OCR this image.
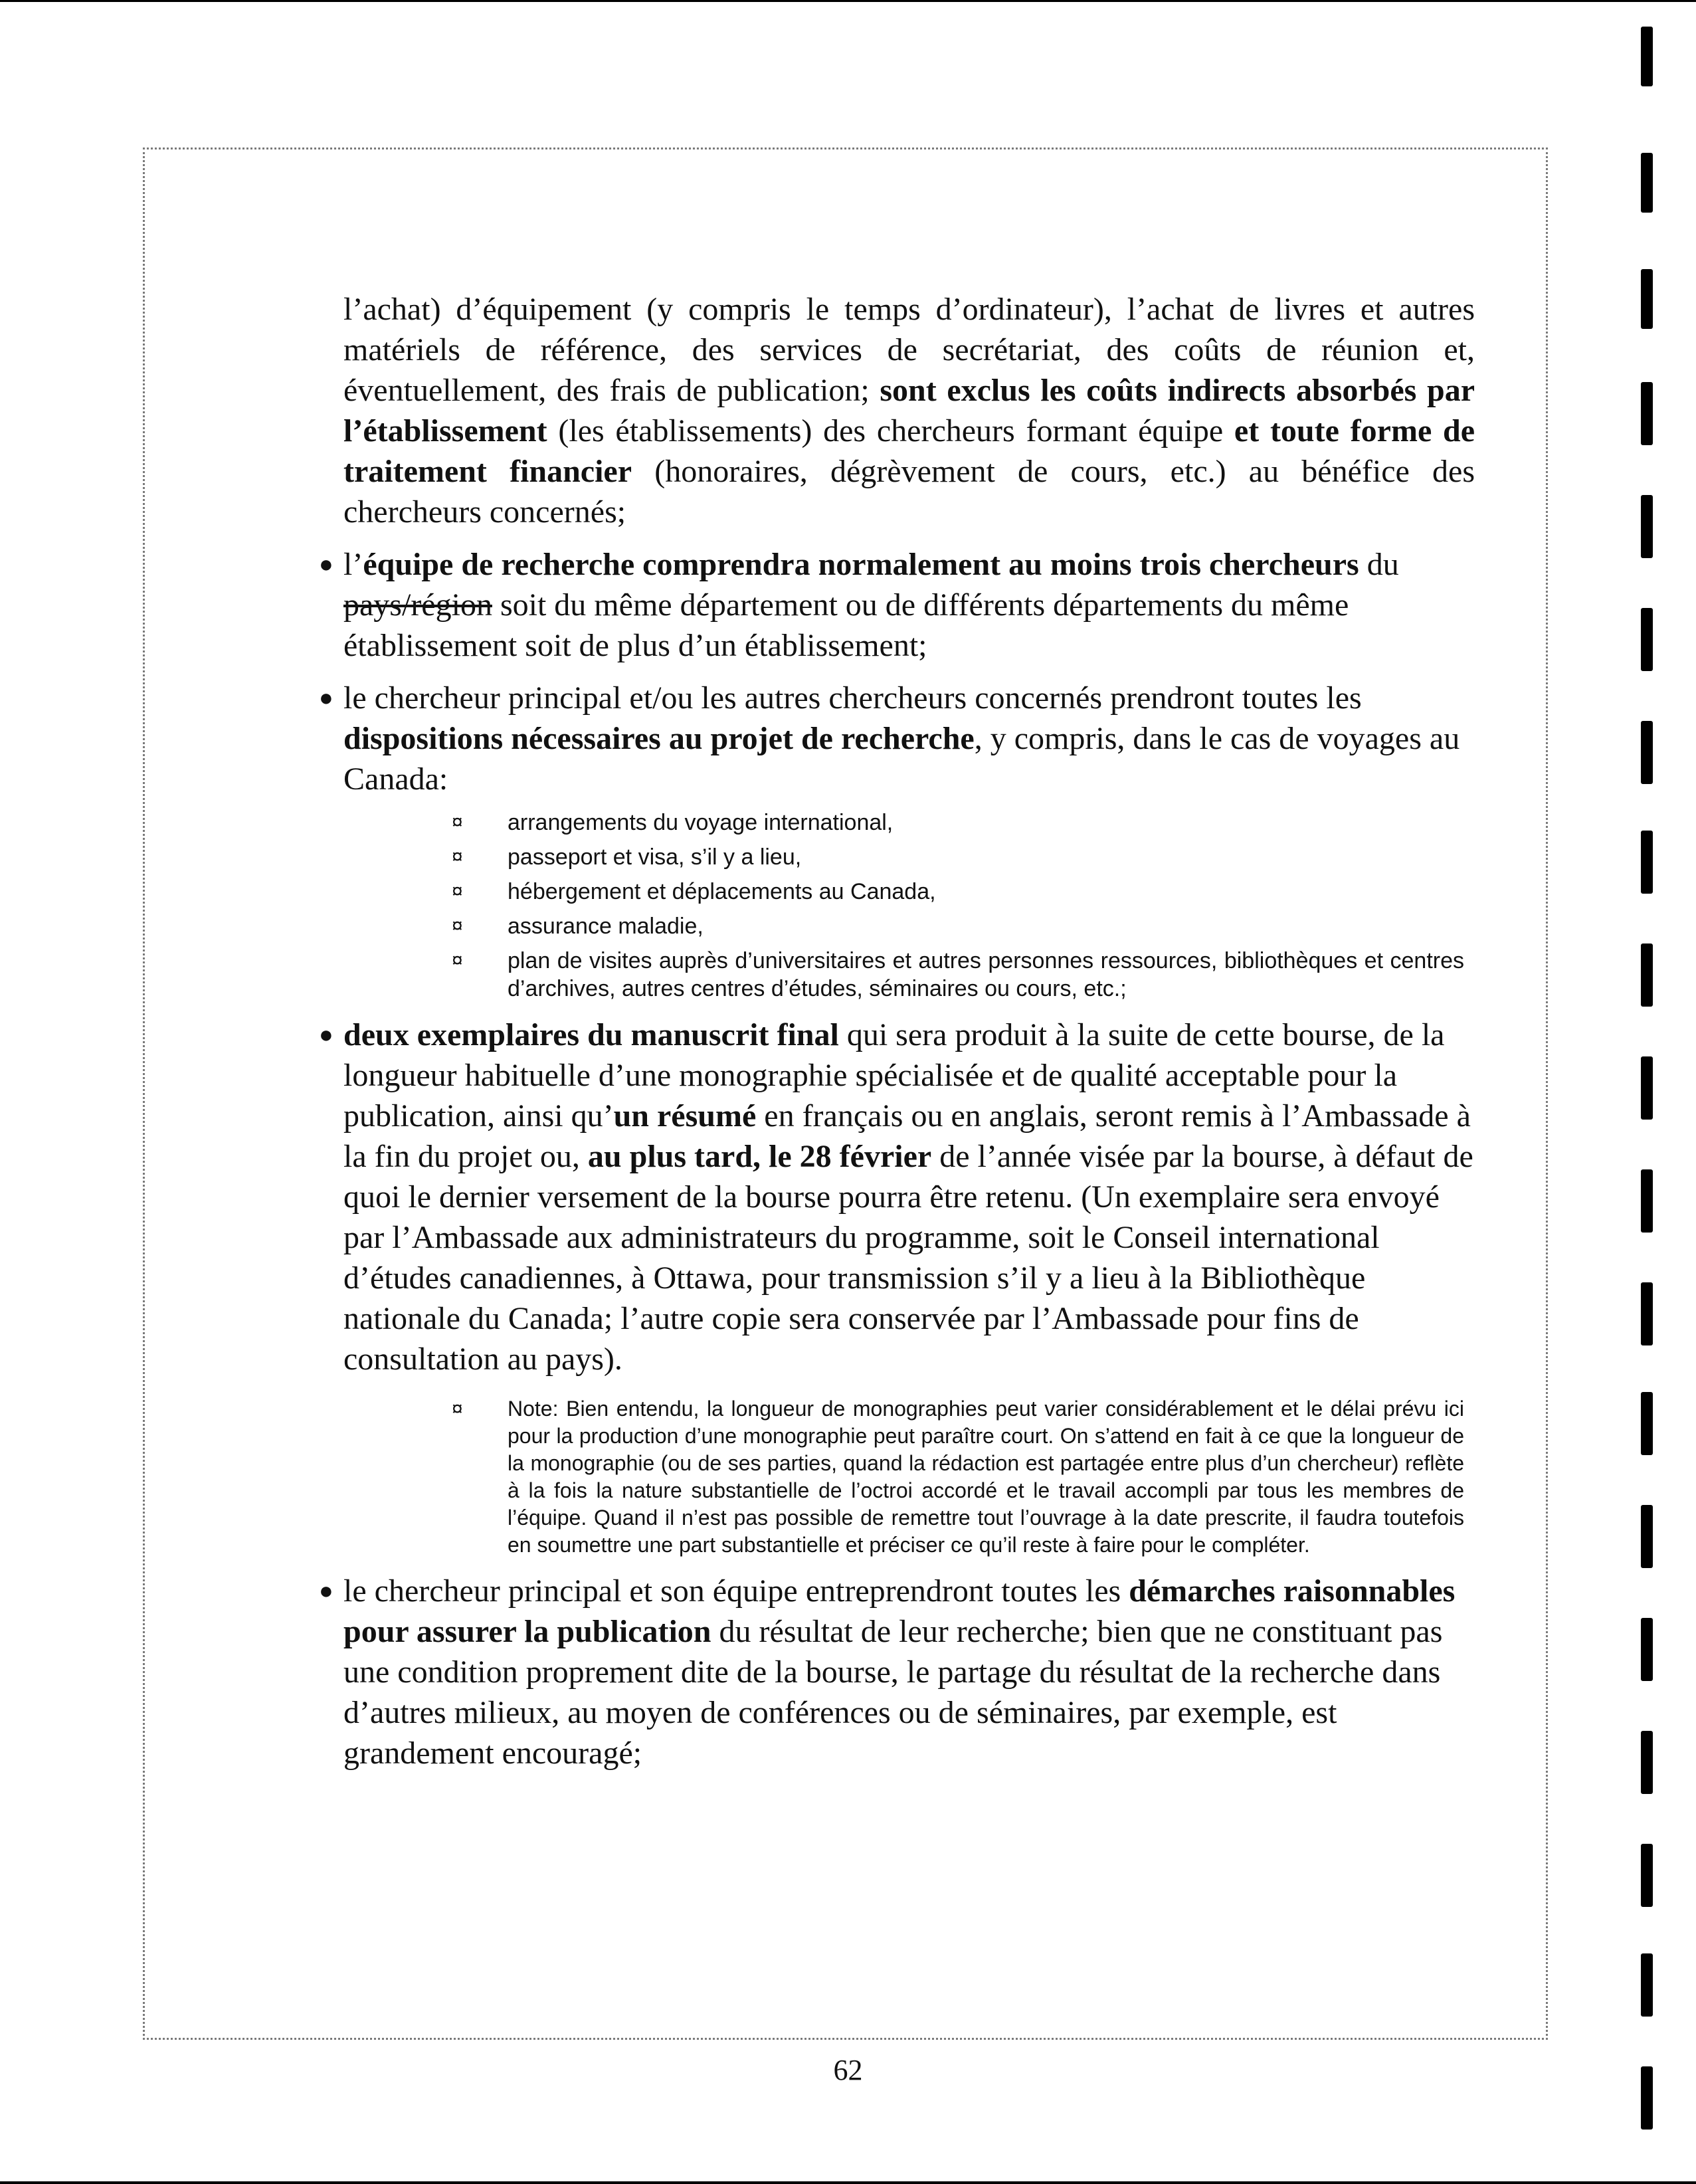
l’achat) d’équipement (y compris le temps d’ordinateur), l’achat de livres et autres matériels de référence, des services de secrétariat, des coûts de réunion et, éventuellement, des frais de publication; sont exclus les coûts indirects absorbés par l’établissement (les établissements) des chercheurs formant équipe et toute forme de traitement financier (honoraires, dégrèvement de cours, etc.) au bénéfice des chercheurs concernés;

● l’équipe de recherche comprendra normalement au moins trois chercheurs du pays/région soit du même département ou de différents départements du même établissement soit de plus d’un établissement;
● le chercheur principal et/ou les autres chercheurs concernés prendront toutes les dispositions nécessaires au projet de recherche, y compris, dans le cas de voyages au Canada:
¤ arrangements du voyage international,
¤ passeport et visa, s’il y a lieu,
¤ hébergement et déplacements au Canada,
¤ assurance maladie,
¤ plan de visites auprès d’universitaires et autres personnes ressources, bibliothèques et centres d’archives, autres centres d’études, séminaires ou cours, etc.;
● deux exemplaires du manuscrit final qui sera produit à la suite de cette bourse, de la longueur habituelle d’une monographie spécialisée et de qualité acceptable pour la publication, ainsi qu’un résumé en français ou en anglais, seront remis à l’Ambassade à la fin du projet ou, au plus tard, le 28 février de l’année visée par la bourse, à défaut de quoi le dernier versement de la bourse pourra être retenu. (Un exemplaire sera envoyé par l’Ambassade aux administrateurs du programme, soit le Conseil international d’études canadiennes, à Ottawa, pour transmission s’il y a lieu à la Bibliothèque nationale du Canada; l’autre copie sera conservée par l’Ambassade pour fins de consultation au pays).
¤ Note: Bien entendu, la longueur de monographies peut varier considérablement et le délai prévu ici pour la production d’une monographie peut paraître court. On s’attend en fait à ce que la longueur de la monographie (ou de ses parties, quand la rédaction est partagée entre plus d’un chercheur) reflète à la fois la nature substantielle de l’octroi accordé et le travail accompli par tous les membres de l’équipe. Quand il n’est pas possible de remettre tout l’ouvrage à la date prescrite, il faudra toutefois en soumettre une part substantielle et préciser ce qu’il reste à faire pour le compléter.
● le chercheur principal et son équipe entreprendront toutes les démarches raisonnables pour assurer la publication du résultat de leur recherche; bien que ne constituant pas une condition proprement dite de la bourse, le partage du résultat de la recherche dans d’autres milieux, au moyen de conférences ou de séminaires, par exemple, est grandement encouragé;
62
